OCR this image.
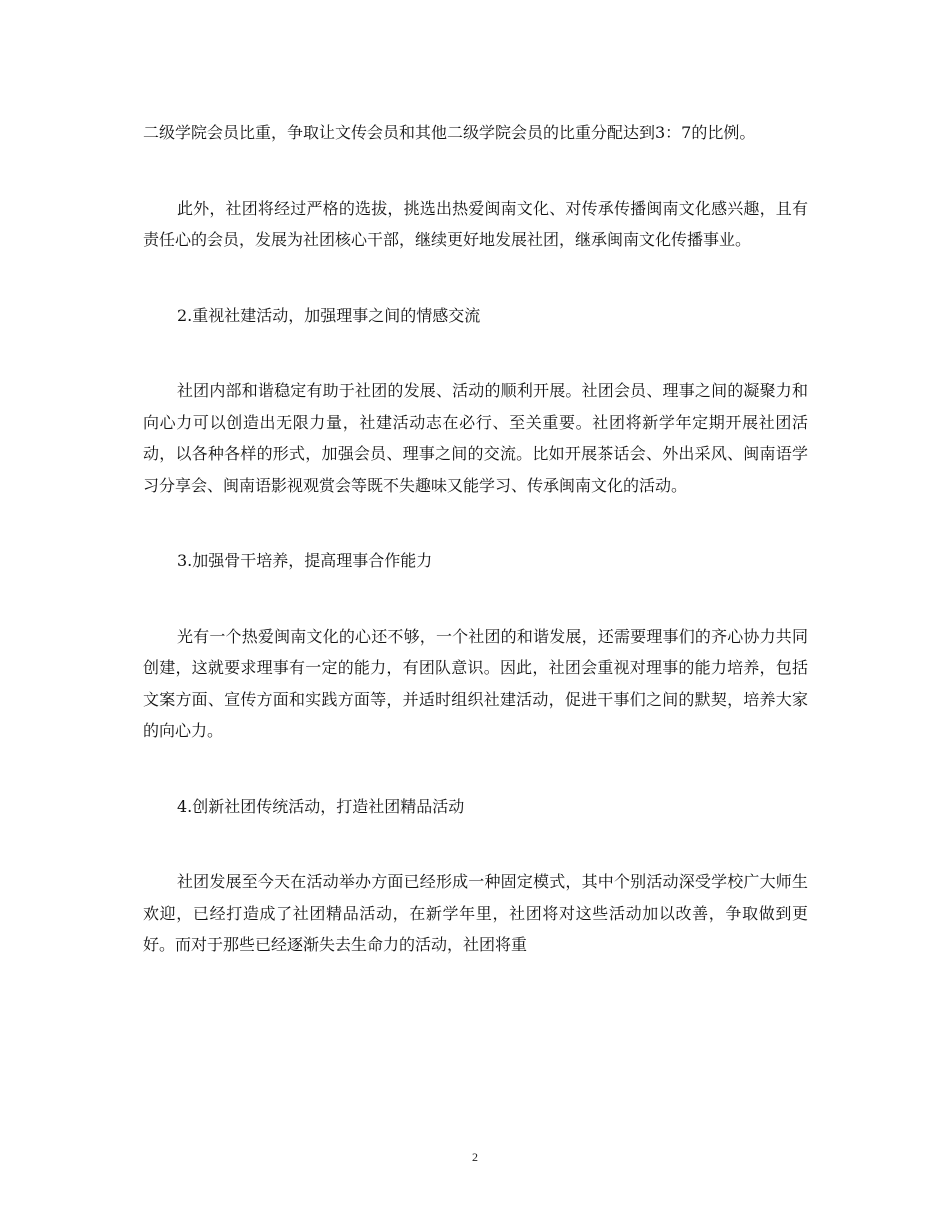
二级学院会员比重，争取让文传会员和其他二级学院会员的比重分配达到3：7的比例。

此外，社团将经过严格的选拔，挑选出热爱闽南文化、对传承传播闽南文化感兴趣，且有责任心的会员，发展为社团核心干部，继续更好地发展社团，继承闽南文化传播事业。

2.重视社建活动，加强理事之间的情感交流

社团内部和谐稳定有助于社团的发展、活动的顺利开展。社团会员、理事之间的凝聚力和向心力可以创造出无限力量，社建活动志在必行、至关重要。社团将新学年定期开展社团活动，以各种各样的形式，加强会员、理事之间的交流。比如开展茶话会、外出采风、闽南语学习分享会、闽南语影视观赏会等既不失趣味又能学习、传承闽南文化的活动。

3.加强骨干培养，提高理事合作能力

光有一个热爱闽南文化的心还不够，一个社团的和谐发展，还需要理事们的齐心协力共同创建，这就要求理事有一定的能力，有团队意识。因此，社团会重视对理事的能力培养，包括文案方面、宣传方面和实践方面等，并适时组织社建活动，促进干事们之间的默契，培养大家的向心力。

4.创新社团传统活动，打造社团精品活动

社团发展至今天在活动举办方面已经形成一种固定模式，其中个别活动深受学校广大师生欢迎，已经打造成了社团精品活动，在新学年里，社团将对这些活动加以改善，争取做到更好。而对于那些已经逐渐失去生命力的活动，社团将重

2
